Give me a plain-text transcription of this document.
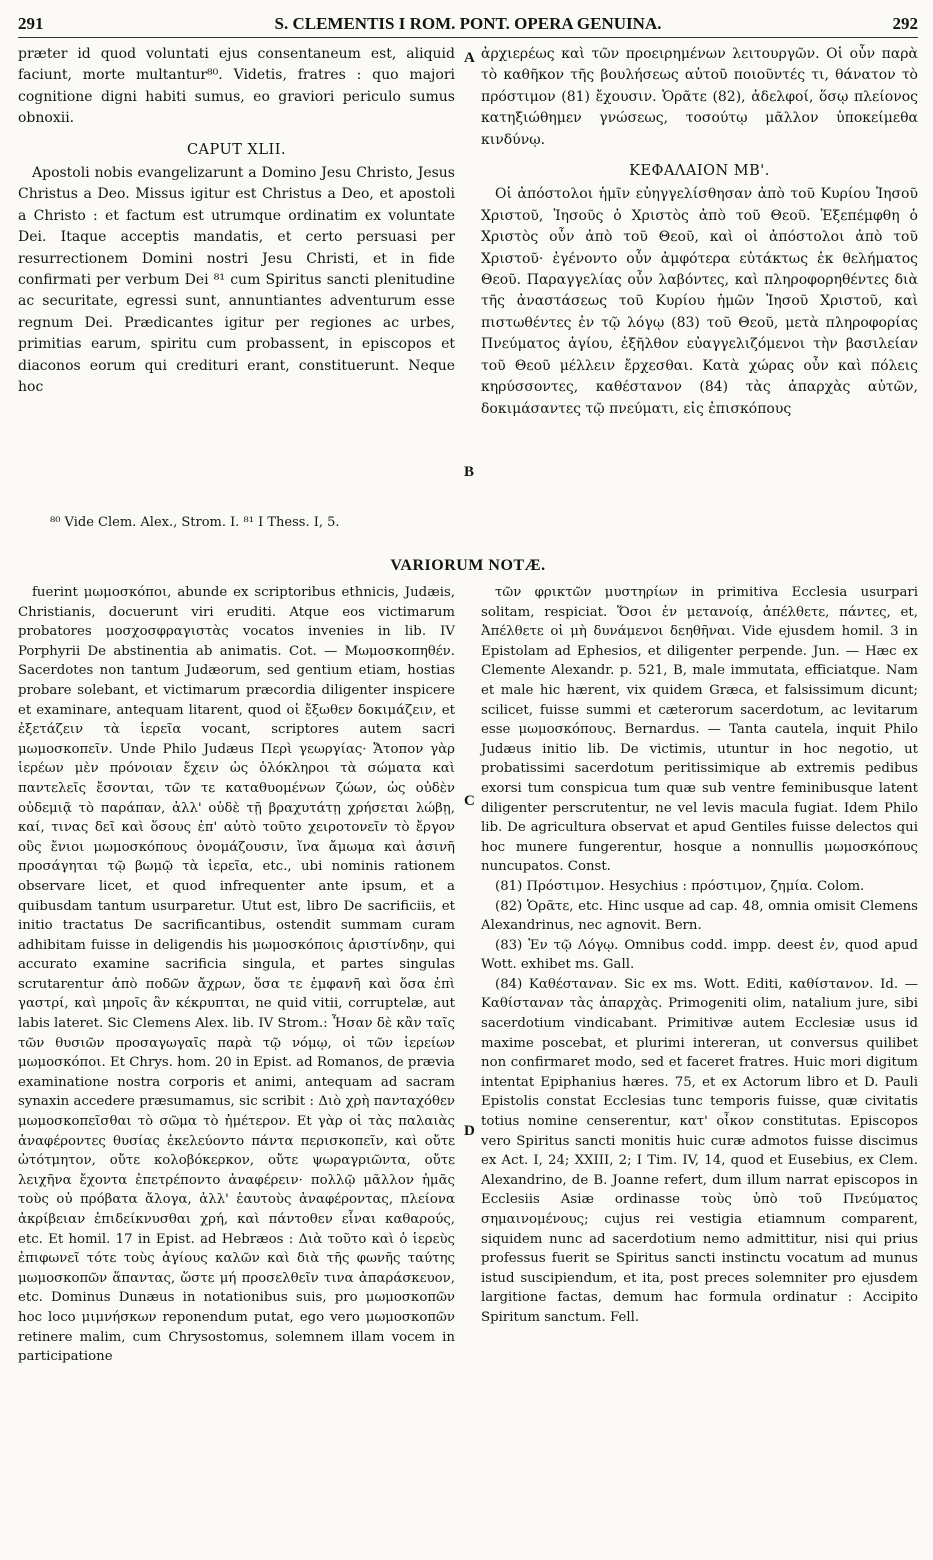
291	S. CLEMENTIS I ROM. PONT. OPERA GENUINA.	292

præter id quod voluntati ejus consentaneum est, aliquid faciunt, morte multantur⁸⁰. Videtis, fratres : quo majori cognitione digni habiti sumus, eo graviori periculo sumus obnoxii.

CAPUT XLII.

Apostoli nobis evangelizarunt a Domino Jesu Christo, Jesus Christus a Deo. Missus igitur est Christus a Deo, et apostoli a Christo : et factum est utrumque ordinatim ex voluntate Dei. Itaque acceptis mandatis, et certo persuasi per resurrectionem Domini nostri Jesu Christi, et in fide confirmati per verbum Dei ⁸¹ cum Spiritus sancti plenitudine ac securitate, egressi sunt, annuntiantes adventurum esse regnum Dei. Prædicantes igitur per regiones ac urbes, primitias earum, spiritu cum probassent, in episcopos et diaconos eorum qui credituri erant, constituerunt. Neque hoc

ἀρχιερέως καὶ τῶν προειρημένων λειτουργῶν. Οἱ οὖν παρὰ τὸ καθῆκον τῆς βουλήσεως αὐτοῦ ποιοῦντές τι, θάνατον τὸ πρόστιμον (81) ἔχουσιν. Ὁρᾶτε (82), ἀδελφοί, ὅσῳ πλείονος κατηξιώθημεν γνώσεως, τοσούτῳ μᾶλλον ὑποκείμεθα κινδύνῳ.

ΚΕΦΑΛΑΙΟΝ ΜΒ'.

Οἱ ἀπόστολοι ἡμῖν εὐηγγελίσθησαν ἀπὸ τοῦ Κυρίου Ἰησοῦ Χριστοῦ, Ἰησοῦς ὁ Χριστὸς ἀπὸ τοῦ Θεοῦ. Ἐξεπέμφθη ὁ Χριστὸς οὖν ἀπὸ τοῦ Θεοῦ, καὶ οἱ ἀπόστολοι ἀπὸ τοῦ Χριστοῦ· ἐγένοντο οὖν ἀμφότερα εὐτάκτως ἐκ θελήματος Θεοῦ. Παραγγελίας οὖν λαβόντες, καὶ πληροφορηθέντες διὰ τῆς ἀναστάσεως τοῦ Κυρίου ἡμῶν Ἰησοῦ Χριστοῦ, καὶ πιστωθέντες ἐν τῷ λόγῳ (83) τοῦ Θεοῦ, μετὰ πληροφορίας Πνεύματος ἁγίου, ἐξῆλθον εὐαγγελιζόμενοι τὴν βασιλείαν τοῦ Θεοῦ μέλλειν ἔρχεσθαι. Κατὰ χώρας οὖν καὶ πόλεις κηρύσσοντες, καθέστανον (84) τὰς ἀπαρχὰς αὐτῶν, δοκιμάσαντες τῷ πνεύματι, εἰς ἐπισκόπους

A
B
⁸⁰ Vide Clem. Alex., Strom. I. ⁸¹ I Thess. I, 5.
VARIORUM NOTÆ.

fuerint μωμοσκόποι, abunde ex scriptoribus ethnicis, Judæis, Christianis, docuerunt viri eruditi. Atque eos victimarum probatores μοσχοσφραγιστὰς vocatos invenies in lib. IV Porphyrii De abstinentia ab animatis. Cot. — Μωμοσκοπηθέν. Sacerdotes non tantum Judæorum, sed gentium etiam, hostias probare solebant, et victimarum præcordia diligenter inspicere et examinare, antequam litarent, quod οἱ ἔξωθεν δοκιμάζειν, et ἐξετάζειν τὰ ἱερεῖα vocant, scriptores autem sacri μωμοσκοπεῖν. Unde Philo Judæus Περὶ γεωργίας· Ἄτοπον γὰρ ἱερέων μὲν πρόνοιαν ἔχειν ὡς ὁλόκληροι τὰ σώματα καὶ παντελεῖς ἔσονται, τῶν τε καταθυομένων ζώων, ὡς οὐδὲν οὐδεμιᾷ τὸ παράπαν, ἀλλ' οὐδὲ τῇ βραχυτάτῃ χρήσεται λώβῃ, καί, τινας δεῖ καὶ ὅσους ἐπ' αὐτὸ τοῦτο χειροτονεῖν τὸ ἔργον οὓς ἔνιοι μωμοσκόπους ὀνομάζουσιν, ἵνα ἄμωμα καὶ ἀσινῆ προσάγηται τῷ βωμῷ τὰ ἱερεῖα, etc., ubi nominis rationem observare licet, et quod infrequenter ante ipsum, et a quibusdam tantum usurparetur. Utut est, libro De sacrificiis, et initio tractatus De sacrificantibus, ostendit summam curam adhibitam fuisse in deligendis his μωμοσκόποις ἀριστίνδην, qui accurato examine sacrificia singula, et partes singulas scrutarentur ἀπὸ ποδῶν ἄχρων, ὅσα τε ἐμφανῆ καὶ ὅσα ἐπὶ γαστρί, καὶ μηροῖς ἂν κέκρυπται, ne quid vitii, corruptelæ, aut labis lateret. Sic Clemens Alex. lib. IV Strom.: Ἦσαν δὲ κἂν ταῖς τῶν θυσιῶν προσαγωγαῖς παρὰ τῷ νόμῳ, οἱ τῶν ἱερείων μωμοσκόποι. Et Chrys. hom. 20 in Epist. ad Romanos, de prævia examinatione nostra corporis et animi, antequam ad sacram synaxin accedere præsumamus, sic scribit : Διὸ χρὴ πανταχόθεν μωμοσκοπεῖσθαι τὸ σῶμα τὸ ἡμέτερον. Et γὰρ οἱ τὰς παλαιὰς ἀναφέροντες θυσίας ἐκελεύοντο πάντα περισκοπεῖν, καὶ οὔτε ὠτότμητον, οὔτε κολοβόκερκον, οὔτε ψωραγριῶντα, οὔτε λειχῆνα ἔχοντα ἐπετρέποντο ἀναφέρειν· πολλῷ μᾶλλον ἡμᾶς τοὺς οὐ πρόβατα ἄλογα, ἀλλ' ἑαυτοὺς ἀναφέροντας, πλείονα ἀκρίβειαν ἐπιδείκνυσθαι χρή, καὶ πάντοθεν εἶναι καθαρούς, etc. Et homil. 17 in Epist. ad Hebræos : Διὰ τοῦτο καὶ ὁ ἱερεὺς ἐπιφωνεῖ τότε τοὺς ἁγίους καλῶν καὶ διὰ τῆς φωνῆς ταύτης μωμοσκοπῶν ἅπαντας, ὥστε μή προσελθεῖν τινα ἀπαράσκευον, etc. Dominus Dunæus in notationibus suis, pro μωμοσκοπῶν hoc loco μιμνήσκων reponendum putat, ego vero μωμοσκοπῶν retinere malim, cum Chrysostomus, solemnem illam vocem in participatione

τῶν φρικτῶν μυστηρίων in primitiva Ecclesia usurpari solitam, respiciat. Ὅσοι ἐν μετανοίᾳ, ἀπέλθετε, πάντες, et, Ἀπέλθετε οἱ μὴ δυνάμενοι δεηθῆναι. Vide ejusdem homil. 3 in Epistolam ad Ephesios, et diligenter perpende. Jun. — Hæc ex Clemente Alexandr. p. 521, B, male immutata, efficiatque. Nam et male hic hærent, vix quidem Græca, et falsissimum dicunt; scilicet, fuisse summi et cæterorum sacerdotum, ac levitarum esse μωμοσκόπους. Bernardus. — Tanta cautela, inquit Philo Judæus initio lib. De victimis, utuntur in hoc negotio, ut probatissimi sacerdotum peritissimique ab extremis pedibus exorsi tum conspicua tum quæ sub ventre feminibusque latent diligenter perscrutentur, ne vel levis macula fugiat. Idem Philo lib. De agricultura observat et apud Gentiles fuisse delectos qui hoc munere fungerentur, hosque a nonnullis μωμοσκόπους nuncupatos. Const.

(81) Πρόστιμον. Hesychius : πρόστιμον, ζημία. Colom.

(82) Ὁρᾶτε, etc. Hinc usque ad cap. 48, omnia omisit Clemens Alexandrinus, nec agnovit. Bern.

(83) Ἐν τῷ Λόγῳ. Omnibus codd. impp. deest ἐν, quod apud Wott. exhibet ms. Gall.

(84) Καθέσταναν. Sic ex ms. Wott. Editi, καθίστανον. Id. — Καθίσταναν τὰς ἀπαρχὰς. Primogeniti olim, natalium jure, sibi sacerdotium vindicabant. Primitivæ autem Ecclesiæ usus id maxime poscebat, et plurimi intereran, ut conversus quilibet non confirmaret modo, sed et faceret fratres. Huic mori digitum intentat Epiphanius hæres. 75, et ex Actorum libro et D. Pauli Epistolis constat Ecclesias tunc temporis fuisse, quæ civitatis totius nomine censerentur, κατ' οἶκον constitutas. Episcopos vero Spiritus sancti monitis huic curæ admotos fuisse discimus ex Act. I, 24; XXIII, 2; I Tim. IV, 14, quod et Eusebius, ex Clem. Alexandrino, de B. Joanne refert, dum illum narrat episcopos in Ecclesiis Asiæ ordinasse τοὺς ὑπὸ τοῦ Πνεύματος σημαινομένους; cujus rei vestigia etiamnum comparent, siquidem nunc ad sacerdotium nemo admittitur, nisi qui prius professus fuerit se Spiritus sancti instinctu vocatum ad munus istud suscipiendum, et ita, post preces solemniter pro ejusdem largitione factas, demum hac formula ordinatur : Accipito Spiritum sanctum. Fell.

C
D
